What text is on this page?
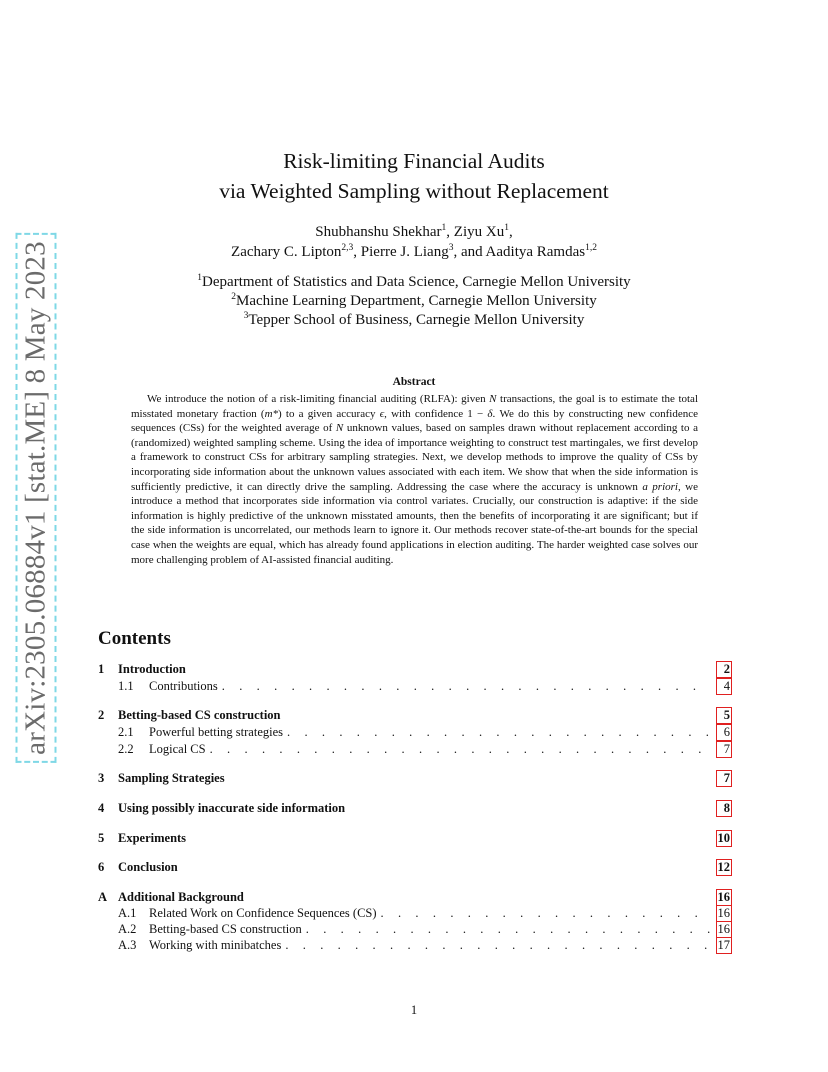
arXiv:2305.06884v1 [stat.ME] 8 May 2023
Risk-limiting Financial Audits
via Weighted Sampling without Replacement
Shubhanshu Shekhar$^1$, Ziyu Xu$^1$,
Zachary C. Lipton$^{2,3}$, Pierre J. Liang$^3$, and Aaditya Ramdas$^{1,2}$
$^1$Department of Statistics and Data Science, Carnegie Mellon University
$^2$Machine Learning Department, Carnegie Mellon University
$^3$Tepper School of Business, Carnegie Mellon University
Abstract

We introduce the notion of a risk-limiting financial auditing (RLFA): given N transactions, the goal is to estimate the total misstated monetary fraction (m*) to a given accuracy ϵ, with confidence 1 − δ. We do this by constructing new confidence sequences (CSs) for the weighted average of N unknown values, based on samples drawn without replacement according to a (randomized) weighted sampling scheme. Using the idea of importance weighting to construct test martingales, we first develop a framework to construct CSs for arbitrary sampling strategies. Next, we develop methods to improve the quality of CSs by incorporating side information about the unknown values associated with each item. We show that when the side information is sufficiently predictive, it can directly drive the sampling. Addressing the case where the accuracy is unknown a priori, we introduce a method that incorporates side information via control variates. Crucially, our construction is adaptive: if the side information is highly predictive of the unknown misstated amounts, then the benefits of incorporating it are significant; but if the side information is uncorrelated, our methods learn to ignore it. Our methods recover state-of-the-art bounds for the special case when the weights are equal, which has already found applications in election auditing. The harder weighted case solves our more challenging problem of AI-assisted financial auditing.

Contents
1	Introduction	2
1.1	Contributions . . .	4
2	Betting-based CS construction	5
2.1	Powerful betting strategies . . .	6
2.2	Logical CS . . .	7
3	Sampling Strategies	7
4	Using possibly inaccurate side information	8
5	Experiments	10
6	Conclusion	12
A Additional Background	16
A.1	Related Work on Confidence Sequences (CS) . . .	16
A.2	Betting-based CS construction . . .	16
A.3	Working with minibatches . . .	17
1
